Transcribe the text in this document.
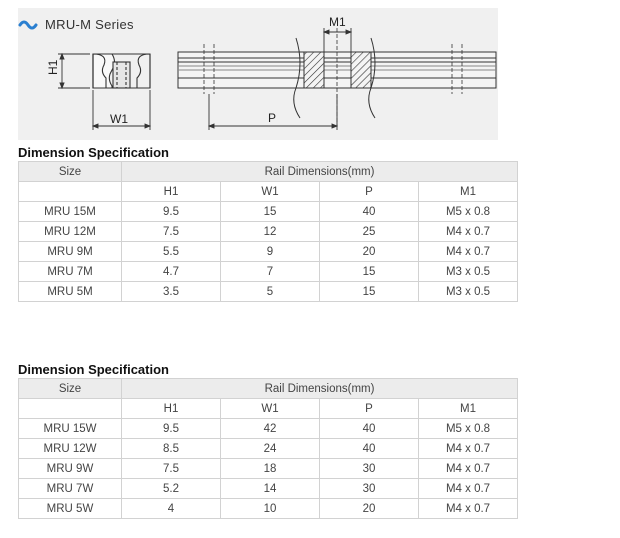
H1
W1
M1
P
MRU-M Series
Dimension Specification
Size	Rail Dimensions(mm)			
	H1	W1	P	M1
MRU 15M	9.5	15	40	M5 x 0.8
MRU 12M	7.5	12	25	M4 x 0.7
MRU 9M	5.5	9	20	M4 x 0.7
MRU 7M	4.7	7	15	M3 x 0.5
MRU 5M	3.5	5	15	M3 x 0.5
Dimension Specification
Size	Rail Dimensions(mm)			
	H1	W1	P	M1
MRU 15W	9.5	42	40	M5 x 0.8
MRU 12W	8.5	24	40	M4 x 0.7
MRU 9W	7.5	18	30	M4 x 0.7
MRU 7W	5.2	14	30	M4 x 0.7
MRU 5W	4	10	20	M4 x 0.7
